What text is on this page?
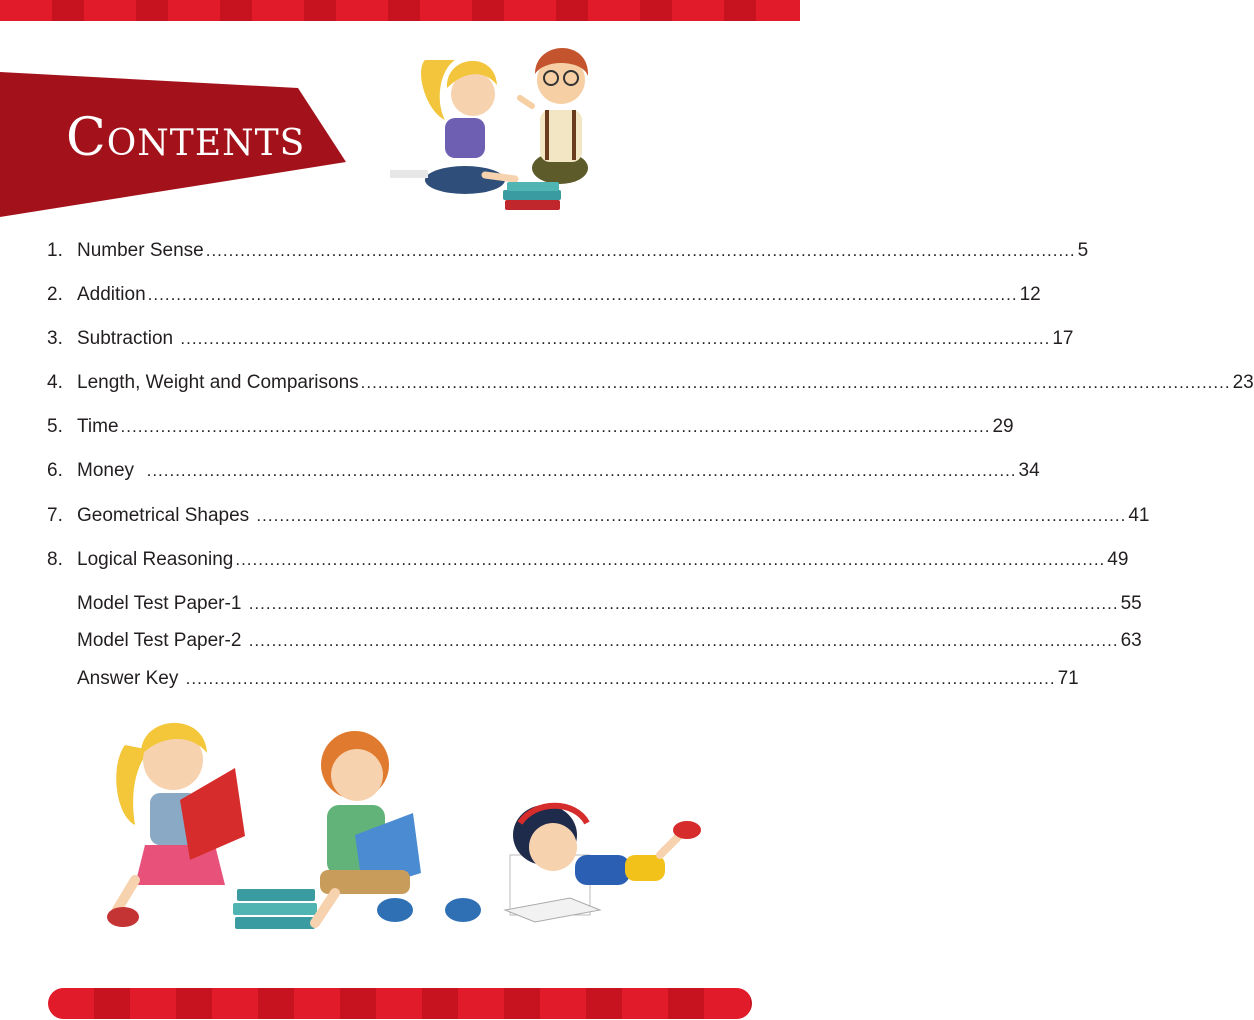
Contents
1. Number Sense ........................................................................................................................................................ 5
2. Addition ........................................................................................................................................................ 12
3. Subtraction ........................................................................................................................................................ 17
4. Length, Weight and Comparisons ........................................................................................................................................................ 23
5. Time ........................................................................................................................................................ 29
6. Money ........................................................................................................................................................ 34
7. Geometrical Shapes ........................................................................................................................................................ 41
8. Logical Reasoning ........................................................................................................................................................ 49
Model Test Paper-1 ........................................................................................................................................................ 55
Model Test Paper-2 ........................................................................................................................................................ 63
Answer Key ........................................................................................................................................................ 71
